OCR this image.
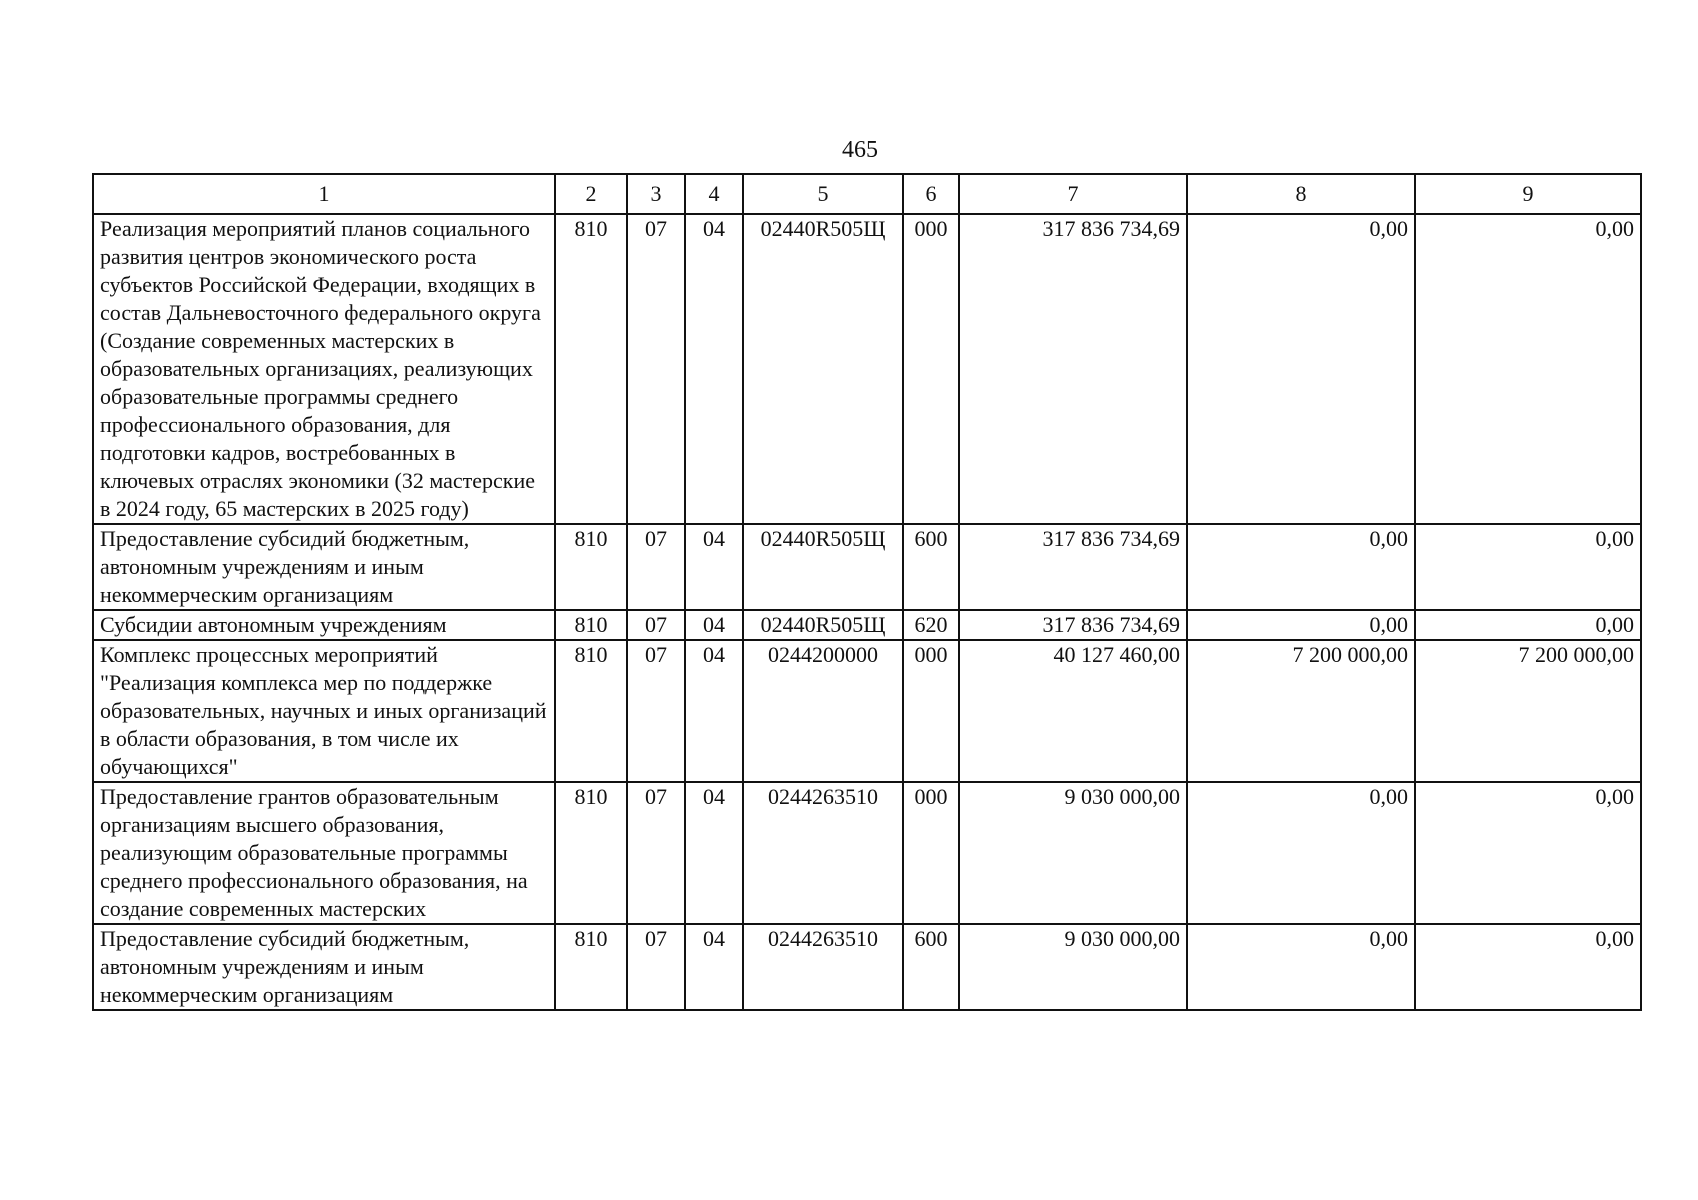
465
1	2	3	4	5	6	7	8	9
Реализация мероприятий планов социального развития центров экономического роста субъектов Российской Федерации, входящих в состав Дальневосточного федерального округа (Создание современных мастерских в образовательных организациях, реализующих образовательные программы среднего профессионального образования, для подготовки кадров, востребованных в ключевых отраслях экономики (32 мастерские в 2024 году, 65 мастерских в 2025 году)	810	07	04	02440R505Щ	000	317 836 734,69	0,00	0,00
Предоставление субсидий бюджетным, автономным учреждениям и иным некоммерческим организациям	810	07	04	02440R505Щ	600	317 836 734,69	0,00	0,00
Субсидии автономным учреждениям	810	07	04	02440R505Щ	620	317 836 734,69	0,00	0,00
Комплекс процессных мероприятий "Реализация комплекса мер по поддержке образовательных, научных и иных организаций в области образования, в том числе их обучающихся"	810	07	04	0244200000	000	40 127 460,00	7 200 000,00	7 200 000,00
Предоставление грантов образовательным организациям высшего образования, реализующим образовательные программы среднего профессионального образования, на создание современных мастерских	810	07	04	0244263510	000	9 030 000,00	0,00	0,00
Предоставление субсидий бюджетным, автономным учреждениям и иным некоммерческим организациям	810	07	04	0244263510	600	9 030 000,00	0,00	0,00
